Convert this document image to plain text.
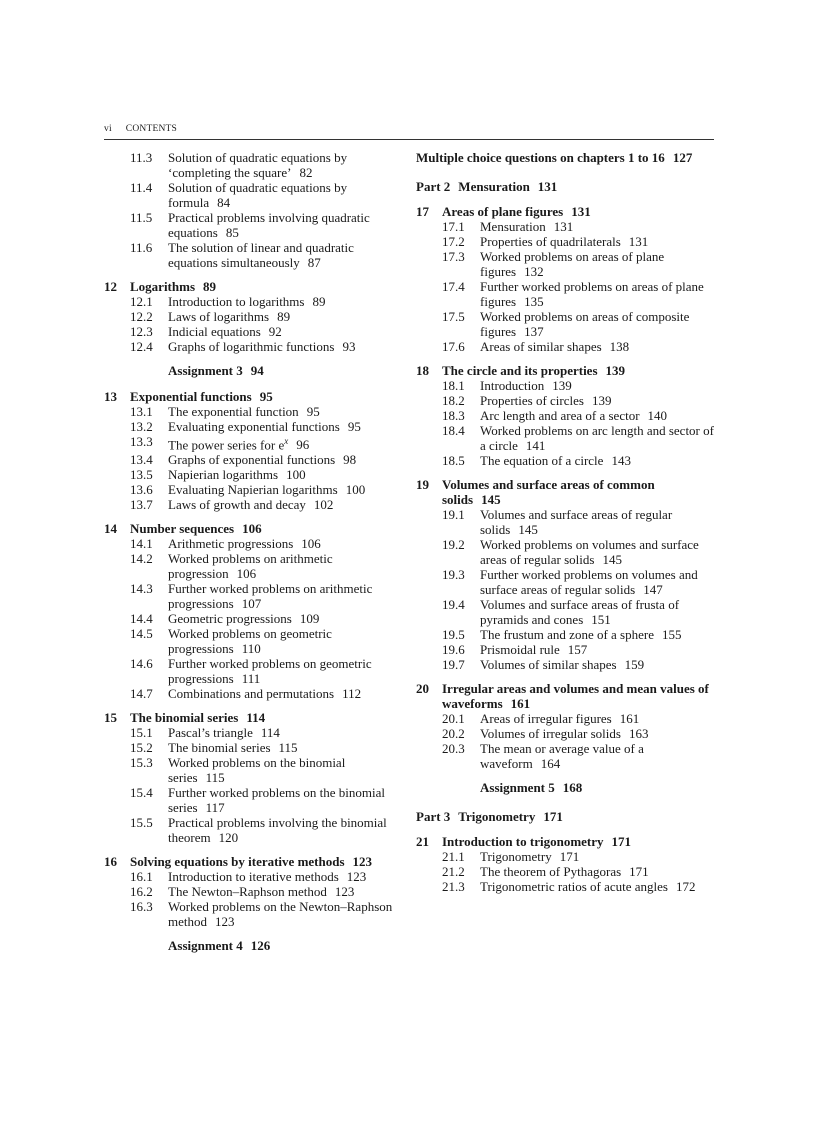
vi CONTENTS
11.3 Solution of quadratic equations by ‘completing the square’ 82
11.4 Solution of quadratic equations by formula 84
11.5 Practical problems involving quadratic equations 85
11.6 The solution of linear and quadratic equations simultaneously 87
12 Logarithms 89
12.1 Introduction to logarithms 89
12.2 Laws of logarithms 89
12.3 Indicial equations 92
12.4 Graphs of logarithmic functions 93
Assignment 3 94
13 Exponential functions 95
13.1 The exponential function 95
13.2 Evaluating exponential functions 95
13.3 The power series for $e^x$ 96
13.4 Graphs of exponential functions 98
13.5 Napierian logarithms 100
13.6 Evaluating Napierian logarithms 100
13.7 Laws of growth and decay 102
14 Number sequences 106
14.1 Arithmetic progressions 106
14.2 Worked problems on arithmetic progression 106
14.3 Further worked problems on arithmetic progressions 107
14.4 Geometric progressions 109
14.5 Worked problems on geometric progressions 110
14.6 Further worked problems on geometric progressions 111
14.7 Combinations and permutations 112
15 The binomial series 114
15.1 Pascal’s triangle 114
15.2 The binomial series 115
15.3 Worked problems on the binomial series 115
15.4 Further worked problems on the binomial series 117
15.5 Practical problems involving the binomial theorem 120
16 Solving equations by iterative methods 123
16.1 Introduction to iterative methods 123
16.2 The Newton–Raphson method 123
16.3 Worked problems on the Newton–Raphson method 123
Assignment 4 126
Multiple choice questions on chapters 1 to 16 127
Part 2 Mensuration 131
17 Areas of plane figures 131
17.1 Mensuration 131
17.2 Properties of quadrilaterals 131
17.3 Worked problems on areas of plane figures 132
17.4 Further worked problems on areas of plane figures 135
17.5 Worked problems on areas of composite figures 137
17.6 Areas of similar shapes 138
18 The circle and its properties 139
18.1 Introduction 139
18.2 Properties of circles 139
18.3 Arc length and area of a sector 140
18.4 Worked problems on arc length and sector of a circle 141
18.5 The equation of a circle 143
19 Volumes and surface areas of common solids 145
19.1 Volumes and surface areas of regular solids 145
19.2 Worked problems on volumes and surface areas of regular solids 145
19.3 Further worked problems on volumes and surface areas of regular solids 147
19.4 Volumes and surface areas of frusta of pyramids and cones 151
19.5 The frustum and zone of a sphere 155
19.6 Prismoidal rule 157
19.7 Volumes of similar shapes 159
20 Irregular areas and volumes and mean values of waveforms 161
20.1 Areas of irregular figures 161
20.2 Volumes of irregular solids 163
20.3 The mean or average value of a waveform 164
Assignment 5 168
Part 3 Trigonometry 171
21 Introduction to trigonometry 171
21.1 Trigonometry 171
21.2 The theorem of Pythagoras 171
21.3 Trigonometric ratios of acute angles 172
